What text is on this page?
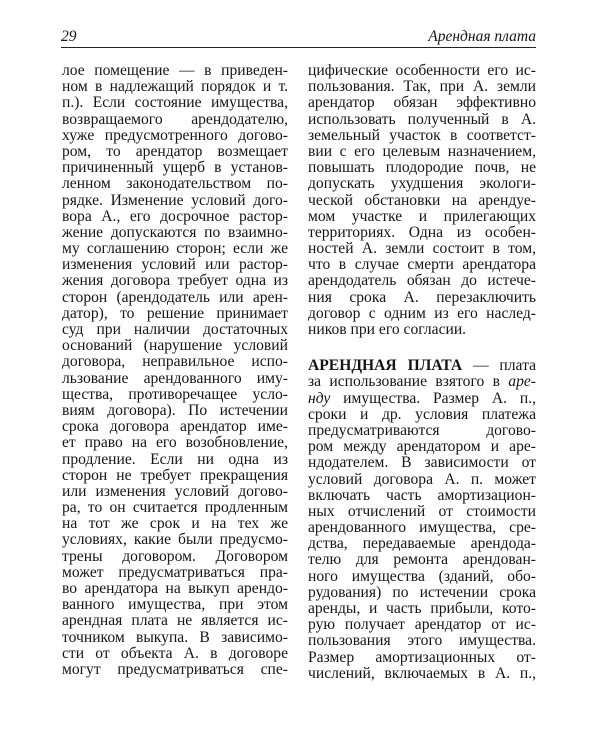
29	Арендная плата
лое помещение — в приведен-
ном в надлежащий порядок и т.
п.). Если состояние имущества,
возвращаемого арендодателю,
хуже предусмотренного догово-
ром, то арендатор возмещает
причиненный ущерб в установ-
ленном законодательством по-
рядке. Изменение условий дого-
вора А., его досрочное растор-
жение допускаются по взаимно-
му соглашению сторон; если же
изменения условий или растор-
жения договора требует одна из
сторон (арендодатель или арен-
датор), то решение принимает
суд при наличии достаточных
оснований (нарушение условий
договора, неправильное испо-
льзование арендованного иму-
щества, противоречащее усло-
виям договора). По истечении
срока договора арендатор име-
ет право на его возобновление,
продление. Если ни одна из
сторон не требует прекращения
или изменения условий догово-
ра, то он считается продленным
на тот же срок и на тех же
условиях, какие были предусмо-
трены договором. Договором
может предусматриваться пра-
во арендатора на выкуп арендо-
ванного имущества, при этом
арендная плата не является ис-
точником выкупа. В зависимо-
сти от объекта А. в договоре
могут предусматриваться спе-
цифические особенности его ис-
пользования. Так, при А. земли
арендатор обязан эффективно
использовать полученный в А.
земельный участок в соответст-
вии с его целевым назначением,
повышать плодородие почв, не
допускать ухудшения экологи-
ческой обстановки на арендуе-
мом участке и прилегающих
территориях. Одна из особен-
ностей А. земли состоит в том,
что в случае смерти арендатора
арендодатель обязан до истече-
ния срока А. перезаключить
договор с одним из его наслед-
ников при его согласии.
АРЕНДНАЯ ПЛАТА — плата
за использование взятого в аре-
нду имущества. Размер А. п.,
сроки и др. условия платежа
предусматриваются догово-
ром между арендатором и аре-
ндодателем. В зависимости от
условий договора А. п. может
включать часть амортизацион-
ных отчислений от стоимости
арендованного имущества, сре-
дства, передаваемые арендода-
телю для ремонта арендован-
ного имущества (зданий, обо-
рудования) по истечении срока
аренды, и часть прибыли, кото-
рую получает арендатор от ис-
пользования этого имущества.
Размер амортизационных от-
числений, включаемых в А. п.,
